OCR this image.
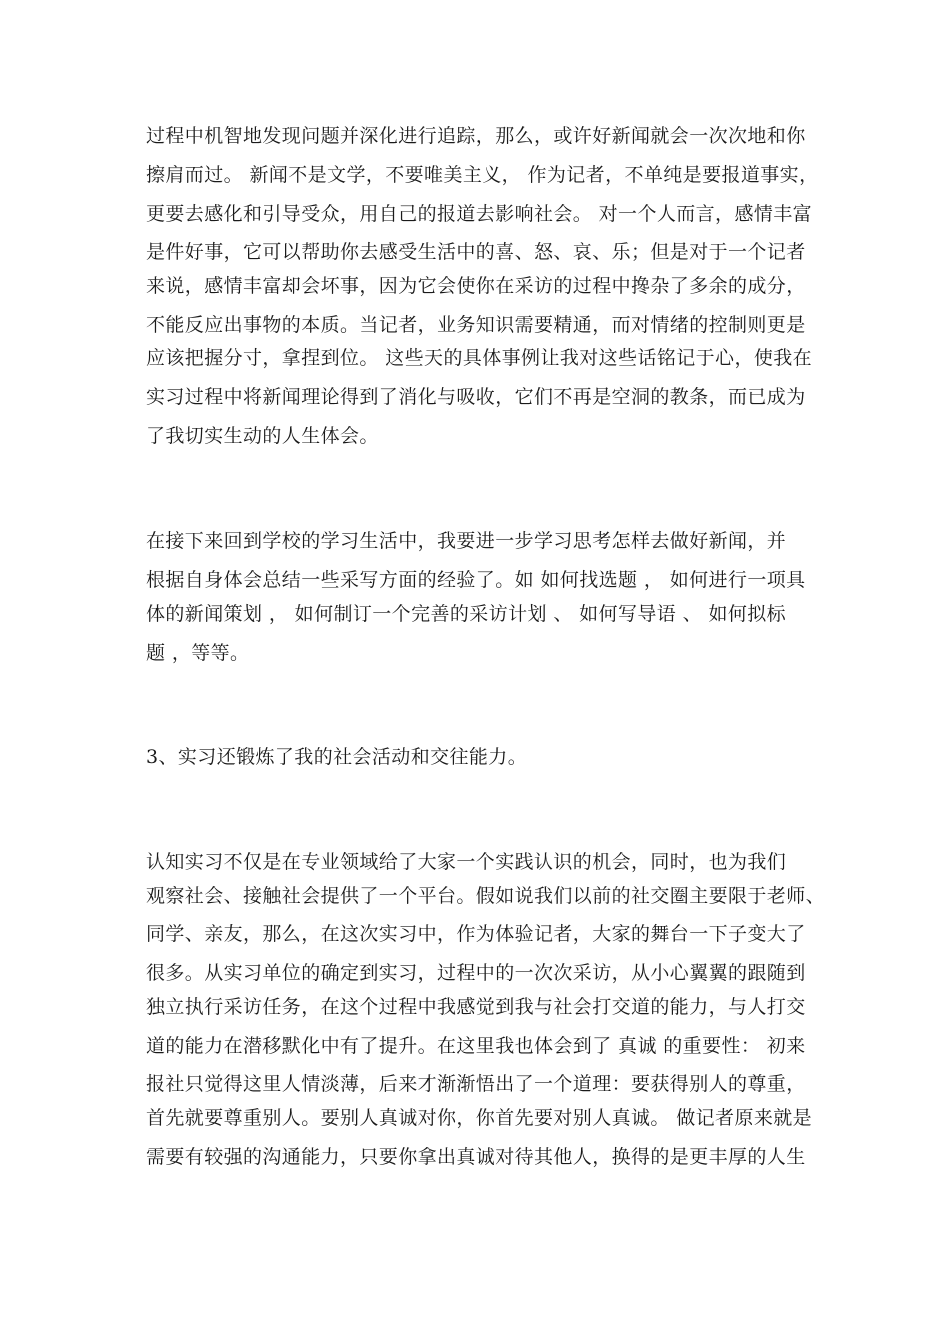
过程中机智地发现问题并深化进行追踪，那么，或许好新闻就会一次次地和你
擦肩而过。 新闻不是文学，不要唯美主义， 作为记者，不单纯是要报道事实，
更要去感化和引导受众，用自己的报道去影响社会。 对一个人而言，感情丰富
是件好事，它可以帮助你去感受生活中的喜、怒、哀、乐；但是对于一个记者
来说，感情丰富却会坏事，因为它会使你在采访的过程中搀杂了多余的成分，
不能反应出事物的本质。当记者，业务知识需要精通，而对情绪的控制则更是
应该把握分寸，拿捏到位。 这些天的具体事例让我对这些话铭记于心，使我在
实习过程中将新闻理论得到了消化与吸收，它们不再是空洞的教条，而已成为
了我切实生动的人生体会。
在接下来回到学校的学习生活中，我要进一步学习思考怎样去做好新闻，并
根据自身体会总结一些采写方面的经验了。如 如何找选题 ， 如何进行一项具
体的新闻策划 ， 如何制订一个完善的采访计划 、 如何写导语 、 如何拟标
题 ，等等。
3、实习还锻炼了我的社会活动和交往能力。
认知实习不仅是在专业领域给了大家一个实践认识的机会，同时，也为我们
观察社会、接触社会提供了一个平台。假如说我们以前的社交圈主要限于老师、
同学、亲友，那么，在这次实习中，作为体验记者，大家的舞台一下子变大了
很多。从实习单位的确定到实习，过程中的一次次采访，从小心翼翼的跟随到
独立执行采访任务，在这个过程中我感觉到我与社会打交道的能力，与人打交
道的能力在潜移默化中有了提升。在这里我也体会到了 真诚 的重要性： 初来
报社只觉得这里人情淡薄，后来才渐渐悟出了一个道理：要获得别人的尊重，
首先就要尊重别人。要别人真诚对你，你首先要对别人真诚。 做记者原来就是
需要有较强的沟通能力，只要你拿出真诚对待其他人，换得的是更丰厚的人生
